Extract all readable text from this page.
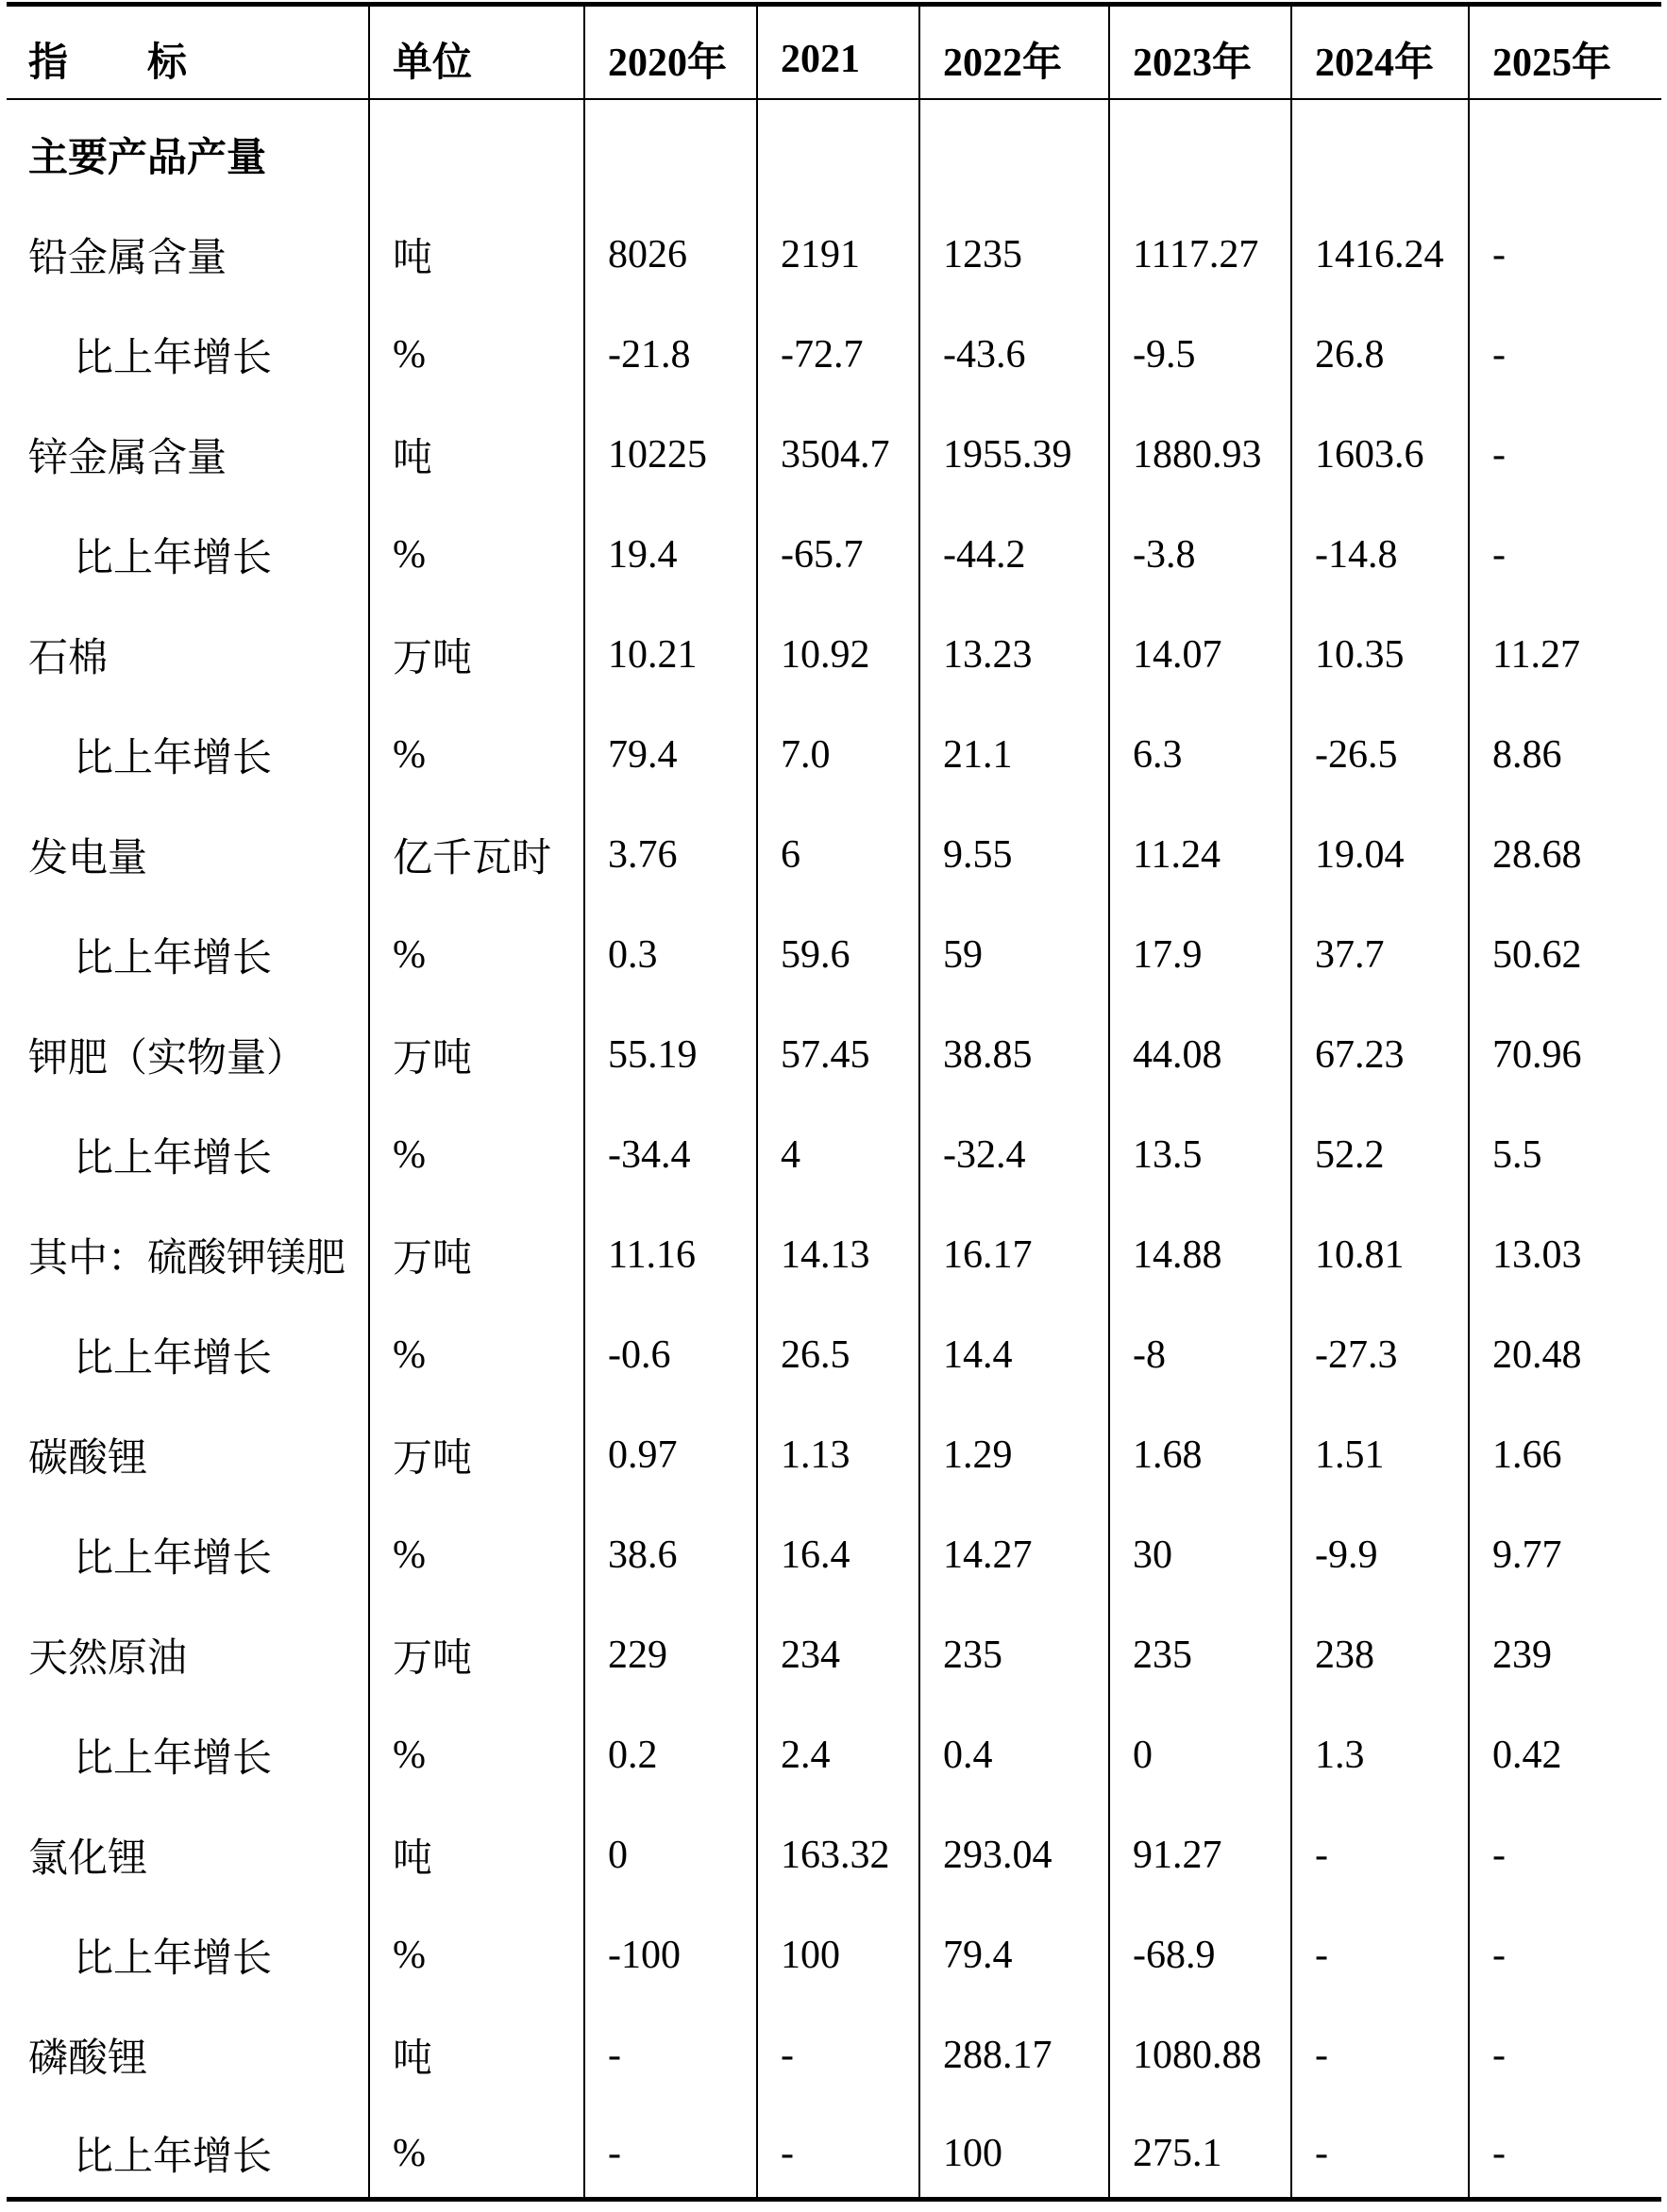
指　　标	单位	2020年	2021	2022年	2023年	2024年	2025年
主要产品产量							
铅金属含量	吨	8026	2191	1235	1117.27	1416.24	-
比上年增长	%	-21.8	-72.7	-43.6	-9.5	26.8	-
锌金属含量	吨	10225	3504.7	1955.39	1880.93	1603.6	-
比上年增长	%	19.4	-65.7	-44.2	-3.8	-14.8	-
石棉	万吨	10.21	10.92	13.23	14.07	10.35	11.27
比上年增长	%	79.4	7.0	21.1	6.3	-26.5	8.86
发电量	亿千瓦时	3.76	6	9.55	11.24	19.04	28.68
比上年增长	%	0.3	59.6	59	17.9	37.7	50.62
钾肥（实物量）	万吨	55.19	57.45	38.85	44.08	67.23	70.96
比上年增长	%	-34.4	4	-32.4	13.5	52.2	5.5
其中：硫酸钾镁肥	万吨	11.16	14.13	16.17	14.88	10.81	13.03
比上年增长	%	-0.6	26.5	14.4	-8	-27.3	20.48
碳酸锂	万吨	0.97	1.13	1.29	1.68	1.51	1.66
比上年增长	%	38.6	16.4	14.27	30	-9.9	9.77
天然原油	万吨	229	234	235	235	238	239
比上年增长	%	0.2	2.4	0.4	0	1.3	0.42
氯化锂	吨	0	163.32	293.04	91.27	-	-
比上年增长	%	-100	100	79.4	-68.9	-	-
磷酸锂	吨	-	-	288.17	1080.88	-	-
比上年增长	%	-	-	100	275.1	-	-
